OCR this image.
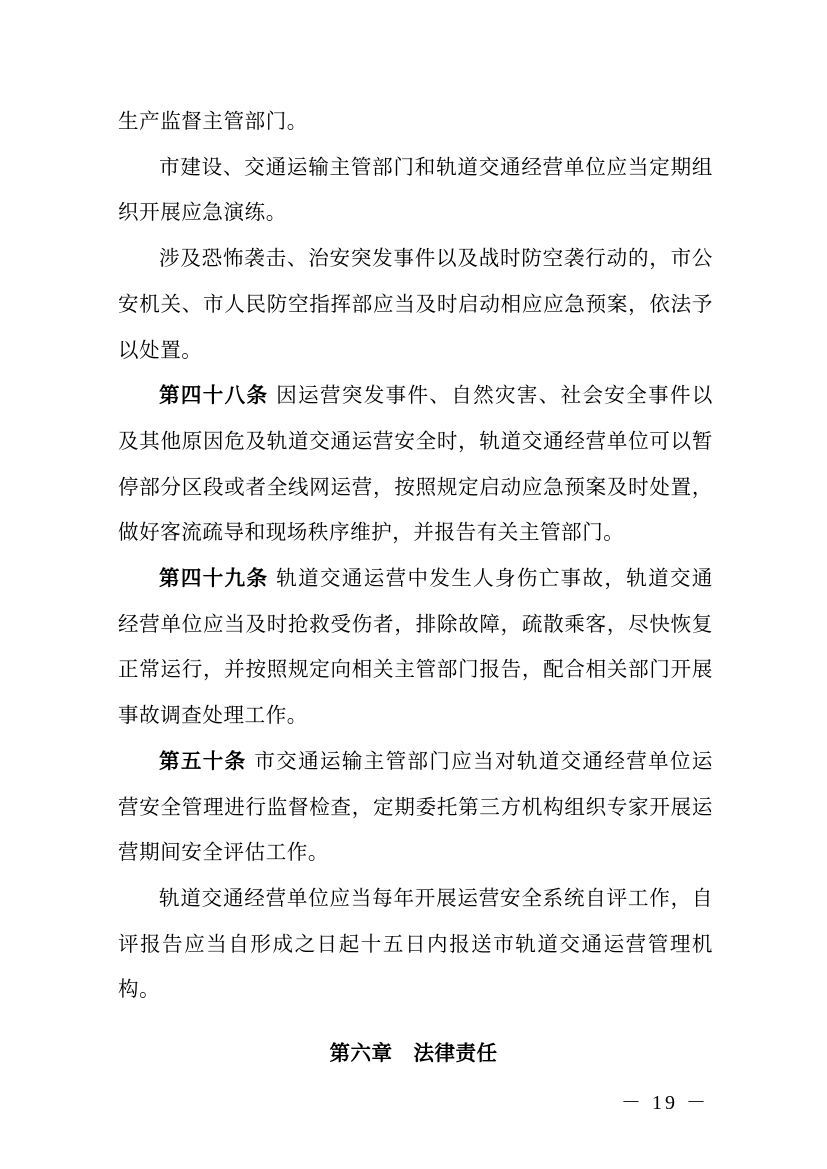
生产监督主管部门。

市建设、交通运输主管部门和轨道交通经营单位应当定期组织开展应急演练。

涉及恐怖袭击、治安突发事件以及战时防空袭行动的，市公安机关、市人民防空指挥部应当及时启动相应应急预案，依法予以处置。

第四十八条 因运营突发事件、自然灾害、社会安全事件以及其他原因危及轨道交通运营安全时，轨道交通经营单位可以暂停部分区段或者全线网运营，按照规定启动应急预案及时处置，做好客流疏导和现场秩序维护，并报告有关主管部门。

第四十九条 轨道交通运营中发生人身伤亡事故，轨道交通经营单位应当及时抢救受伤者，排除故障，疏散乘客，尽快恢复正常运行，并按照规定向相关主管部门报告，配合相关部门开展事故调查处理工作。

第五十条 市交通运输主管部门应当对轨道交通经营单位运营安全管理进行监督检查，定期委托第三方机构组织专家开展运营期间安全评估工作。

轨道交通经营单位应当每年开展运营安全系统自评工作，自评报告应当自形成之日起十五日内报送市轨道交通运营管理机构。

第六章　法律责任
－ 19 －
